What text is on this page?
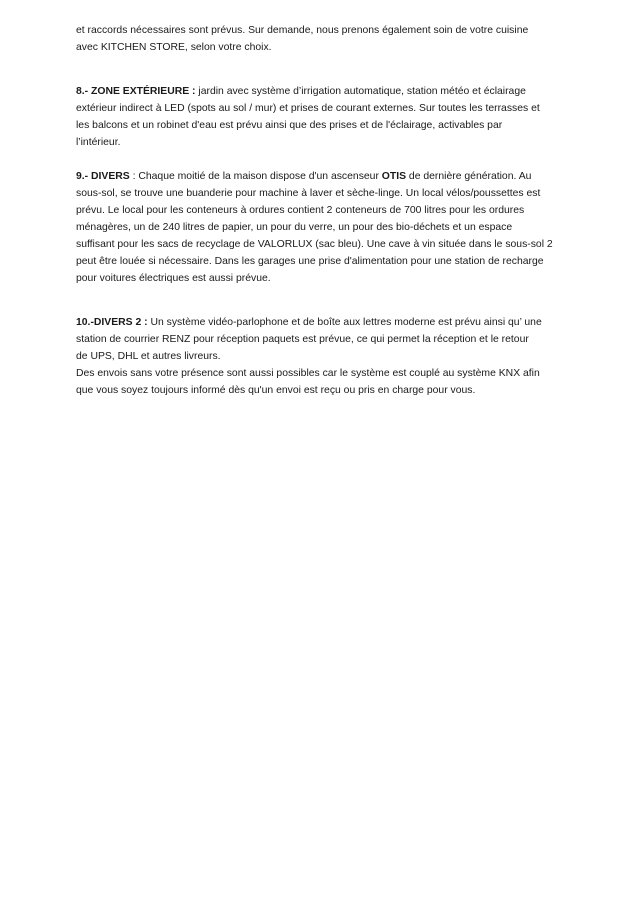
et raccords nécessaires sont prévus. Sur demande, nous prenons également soin de votre cuisine
avec KITCHEN STORE, selon votre choix.

8.- ZONE EXTÉRIEURE : jardin avec système d’irrigation automatique, station météo et éclairage
extérieur indirect à LED (spots au sol / mur) et prises de courant externes. Sur toutes les terrasses et
les balcons et un robinet d'eau est prévu ainsi que des prises et de l'éclairage, activables par
l’intérieur.

9.- DIVERS : Chaque moitié de la maison dispose d'un ascenseur OTIS de dernière génération. Au
sous-sol, se trouve une buanderie pour machine à laver et sèche-linge. Un local vélos/poussettes est
prévu. Le local pour les conteneurs à ordures contient 2 conteneurs de 700 litres pour les ordures
ménagères, un de 240 litres de papier, un pour du verre, un pour des bio-déchets et un espace
suffisant pour les sacs de recyclage de VALORLUX (sac bleu). Une cave à vin située dans le sous-sol 2
peut être louée si nécessaire. Dans les garages une prise d'alimentation pour une station de recharge
pour voitures électriques est aussi prévue.

10.-DIVERS 2 : Un système vidéo-parlophone et de boîte aux lettres moderne est prévu ainsi qu’ une
station de courrier RENZ pour réception paquets est prévue, ce qui permet la réception et le retour
de UPS, DHL et autres livreurs.
Des envois sans votre présence sont aussi possibles car le système est couplé au système KNX afin
que vous soyez toujours informé dès qu'un envoi est reçu ou pris en charge pour vous.
